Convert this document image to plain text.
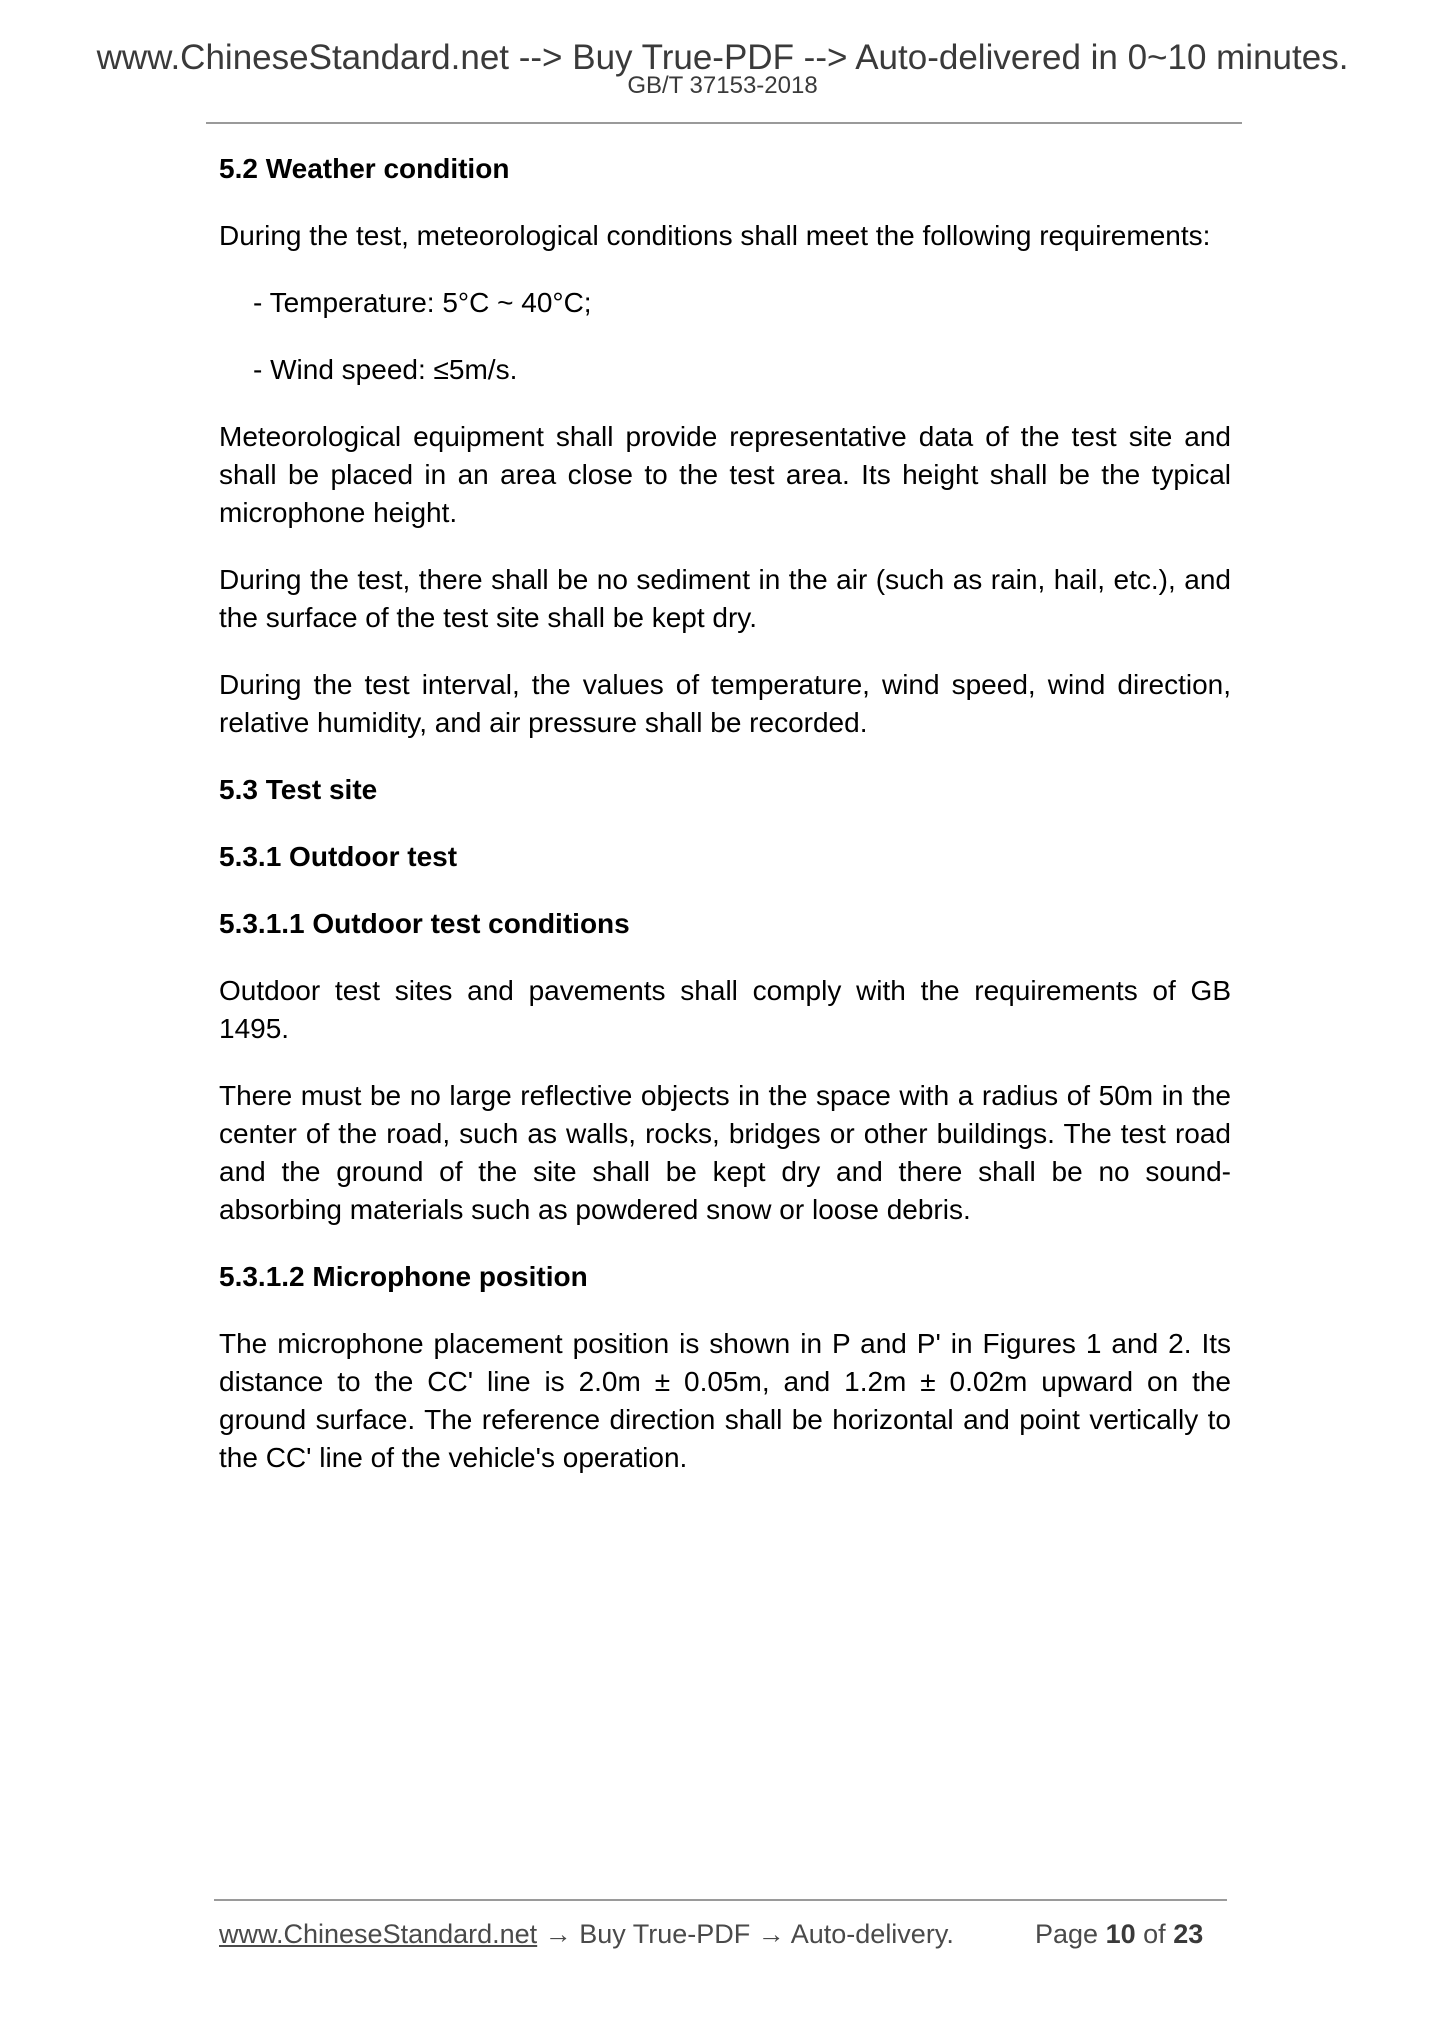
www.ChineseStandard.net --> Buy True-PDF --> Auto-delivered in 0~10 minutes.
GB/T 37153-2018
5.2 Weather condition
During the test, meteorological conditions shall meet the following requirements:
- Temperature: 5°C ~ 40°C;
- Wind speed: ≤5m/s.
Meteorological equipment shall provide representative data of the test site and shall be placed in an area close to the test area. Its height shall be the typical microphone height.
During the test, there shall be no sediment in the air (such as rain, hail, etc.), and the surface of the test site shall be kept dry.
During the test interval, the values of temperature, wind speed, wind direction, relative humidity, and air pressure shall be recorded.
5.3 Test site
5.3.1 Outdoor test
5.3.1.1 Outdoor test conditions
Outdoor test sites and pavements shall comply with the requirements of GB 1495.
There must be no large reflective objects in the space with a radius of 50m in the center of the road, such as walls, rocks, bridges or other buildings. The test road and the ground of the site shall be kept dry and there shall be no sound-absorbing materials such as powdered snow or loose debris.
5.3.1.2 Microphone position
The microphone placement position is shown in P and P' in Figures 1 and 2. Its distance to the CC' line is 2.0m ± 0.05m, and 1.2m ± 0.02m upward on the ground surface. The reference direction shall be horizontal and point vertically to the CC' line of the vehicle's operation.
www.ChineseStandard.net → Buy True-PDF → Auto-delivery.	Page 10 of 23
